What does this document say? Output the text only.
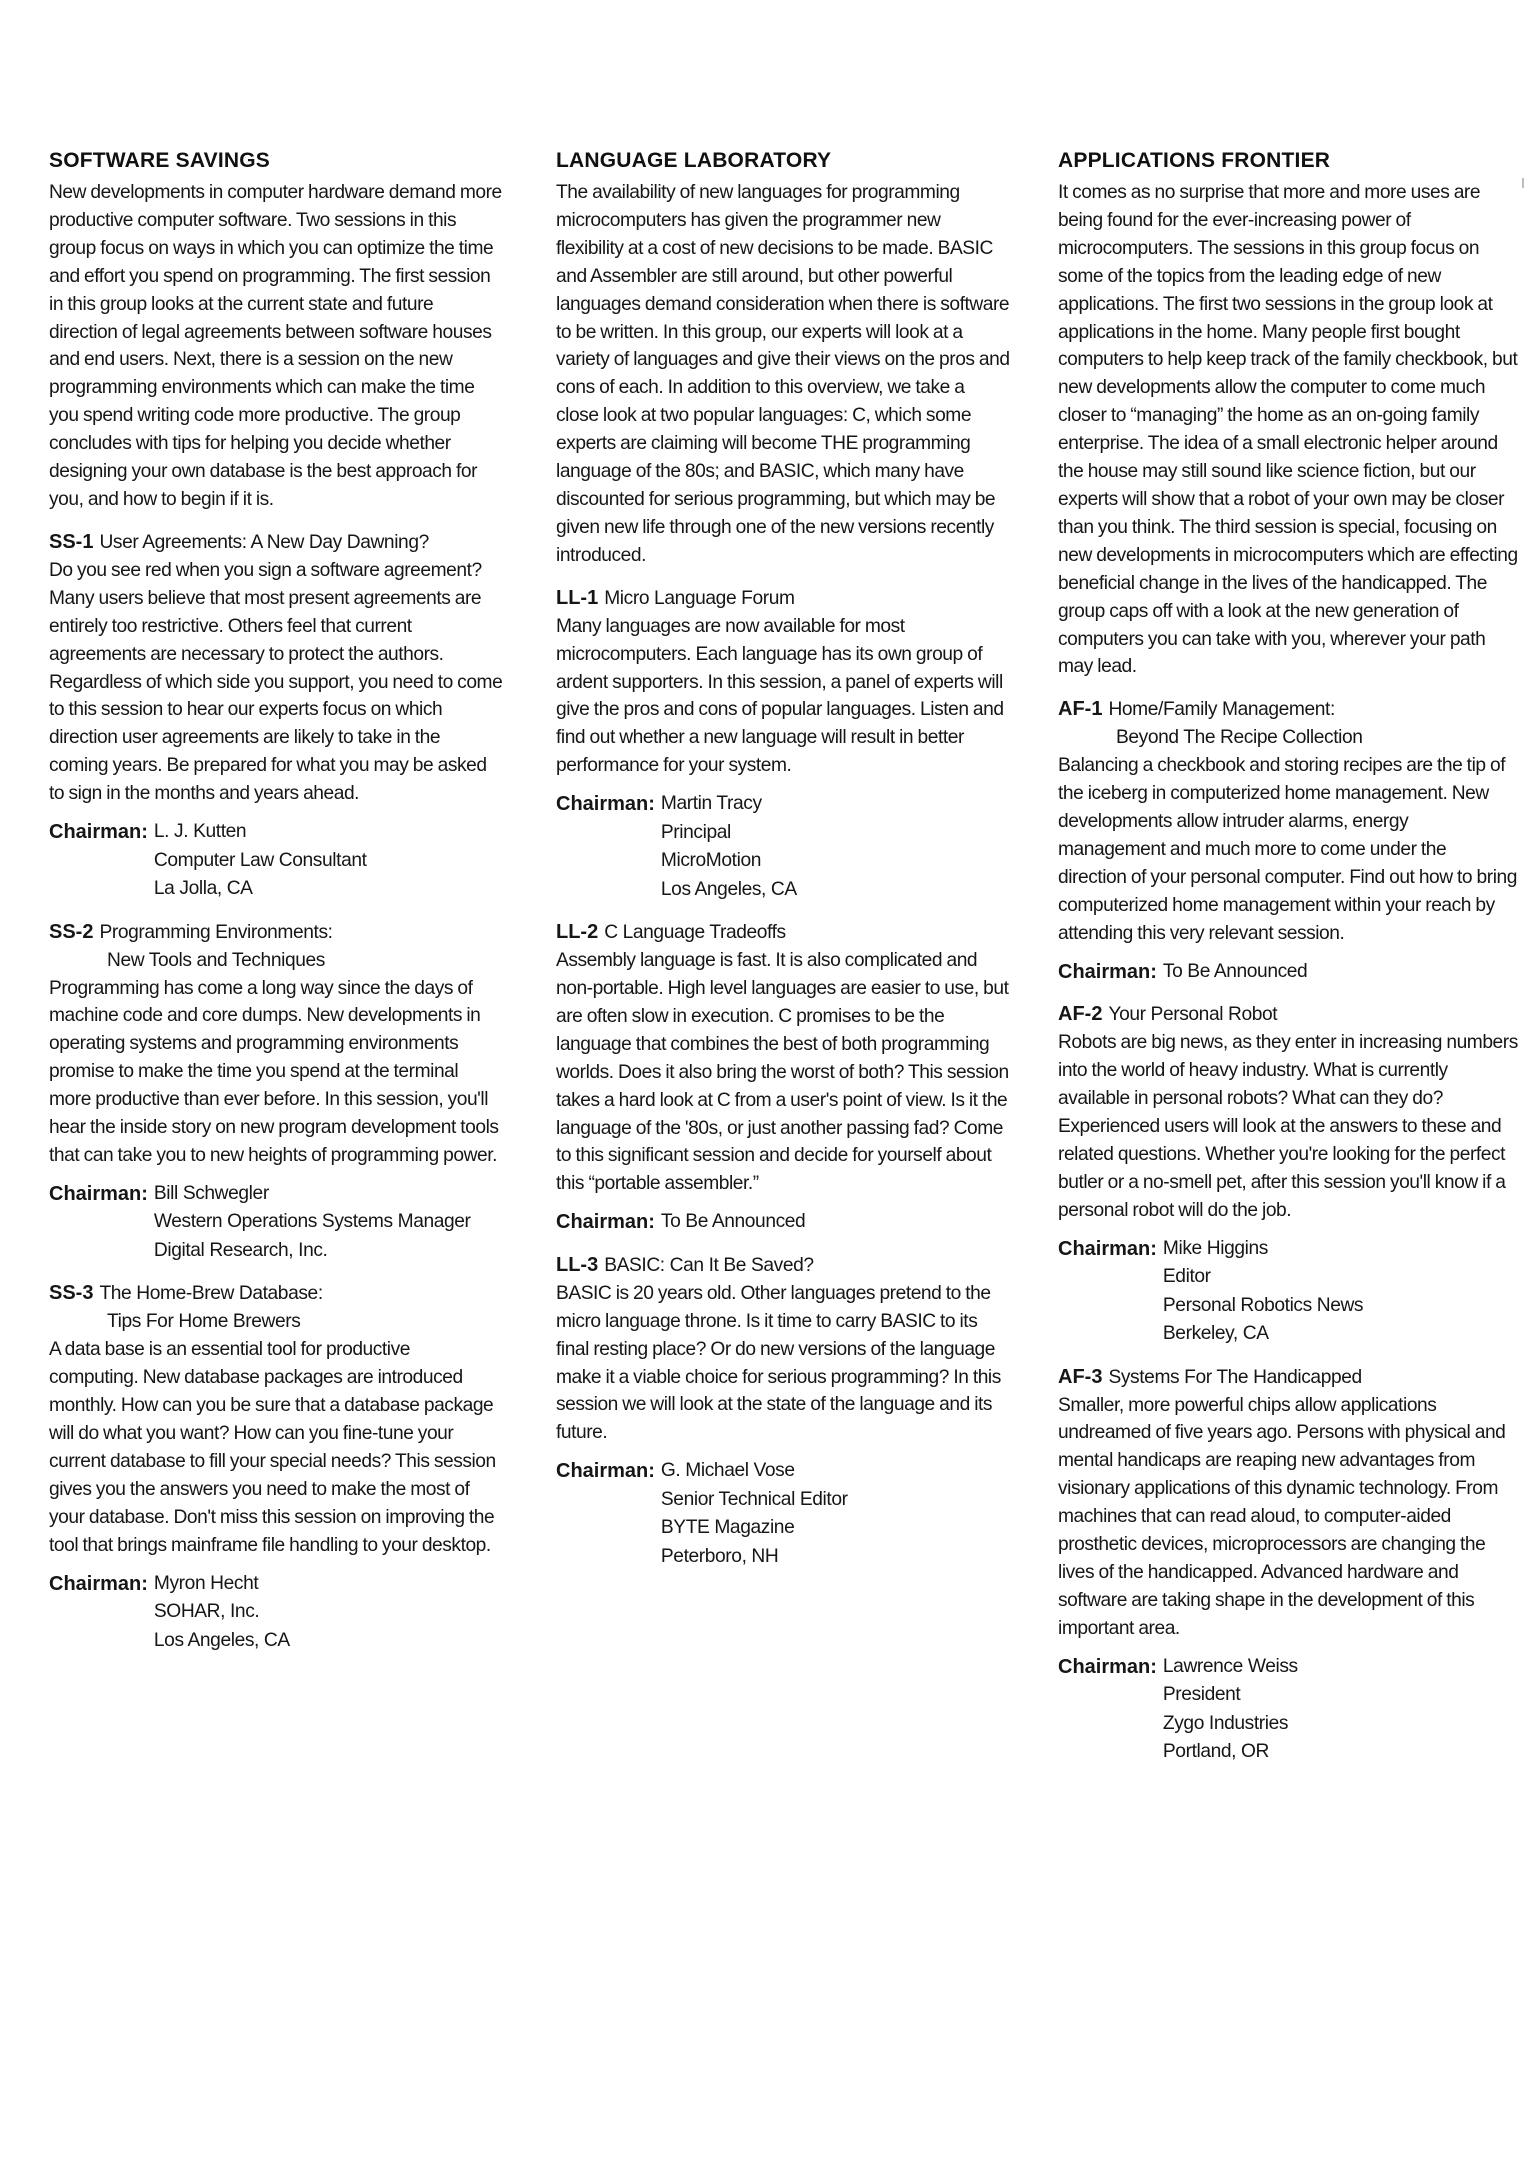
SOFTWARE SAVINGS

New developments in computer hardware demand more productive computer software. Two sessions in this group focus on ways in which you can optimize the time and effort you spend on programming. The first session in this group looks at the current state and future direction of legal agreements between software houses and end users. Next, there is a session on the new programming environments which can make the time you spend writing code more productive. The group concludes with tips for helping you decide whether designing your own database is the best approach for you, and how to begin if it is.

SS-1 User Agreements: A New Day Dawning?

Do you see red when you sign a software agreement? Many users believe that most present agreements are entirely too restrictive. Others feel that current agreements are necessary to protect the authors. Regardless of which side you support, you need to come to this session to hear our experts focus on which direction user agreements are likely to take in the coming years. Be prepared for what you may be asked to sign in the months and years ahead.

Chairman: L. J. Kutten
Computer Law Consultant
La Jolla, CA
SS-2 Programming Environments:
New Tools and Techniques

Programming has come a long way since the days of machine code and core dumps. New developments in operating systems and programming environments promise to make the time you spend at the terminal more productive than ever before. In this session, you'll hear the inside story on new program development tools that can take you to new heights of programming power.

Chairman: Bill Schwegler
Western Operations Systems Manager
Digital Research, Inc.
SS-3 The Home-Brew Database:
Tips For Home Brewers

A data base is an essential tool for productive computing. New database packages are introduced monthly. How can you be sure that a database package will do what you want? How can you fine-tune your current database to fill your special needs? This session gives you the answers you need to make the most of your database. Don't miss this session on improving the tool that brings mainframe file handling to your desktop.

Chairman: Myron Hecht
SOHAR, Inc.
Los Angeles, CA
LANGUAGE LABORATORY

The availability of new languages for programming microcomputers has given the programmer new flexibility at a cost of new decisions to be made. BASIC and Assembler are still around, but other powerful languages demand consideration when there is software to be written. In this group, our experts will look at a variety of languages and give their views on the pros and cons of each. In addition to this overview, we take a close look at two popular languages: C, which some experts are claiming will become THE programming language of the 80s; and BASIC, which many have discounted for serious programming, but which may be given new life through one of the new versions recently introduced.

LL-1 Micro Language Forum

Many languages are now available for most microcomputers. Each language has its own group of ardent supporters. In this session, a panel of experts will give the pros and cons of popular languages. Listen and find out whether a new language will result in better performance for your system.

Chairman: Martin Tracy
Principal
MicroMotion
Los Angeles, CA
LL-2 C Language Tradeoffs

Assembly language is fast. It is also complicated and non-portable. High level languages are easier to use, but are often slow in execution. C promises to be the language that combines the best of both programming worlds. Does it also bring the worst of both? This session takes a hard look at C from a user's point of view. Is it the language of the '80s, or just another passing fad? Come to this significant session and decide for yourself about this “portable assembler.”

Chairman: To Be Announced
LL-3 BASIC: Can It Be Saved?

BASIC is 20 years old. Other languages pretend to the micro language throne. Is it time to carry BASIC to its final resting place? Or do new versions of the language make it a viable choice for serious programming? In this session we will look at the state of the language and its future.

Chairman: G. Michael Vose
Senior Technical Editor
BYTE Magazine
Peterboro, NH
APPLICATIONS FRONTIER

It comes as no surprise that more and more uses are being found for the ever-increasing power of microcomputers. The sessions in this group focus on some of the topics from the leading edge of new applications. The first two sessions in the group look at applications in the home. Many people first bought computers to help keep track of the family checkbook, but new developments allow the computer to come much closer to “managing” the home as an on-going family enterprise. The idea of a small electronic helper around the house may still sound like science fiction, but our experts will show that a robot of your own may be closer than you think. The third session is special, focusing on new developments in microcomputers which are effecting beneficial change in the lives of the handicapped. The group caps off with a look at the new generation of computers you can take with you, wherever your path may lead.

AF-1 Home/Family Management:
Beyond The Recipe Collection

Balancing a checkbook and storing recipes are the tip of the iceberg in computerized home management. New developments allow intruder alarms, energy management and much more to come under the direction of your personal computer. Find out how to bring computerized home management within your reach by attending this very relevant session.

Chairman: To Be Announced
AF-2 Your Personal Robot

Robots are big news, as they enter in increasing numbers into the world of heavy industry. What is currently available in personal robots? What can they do? Experienced users will look at the answers to these and related questions. Whether you're looking for the perfect butler or a no-smell pet, after this session you'll know if a personal robot will do the job.

Chairman: Mike Higgins
Editor
Personal Robotics News
Berkeley, CA
AF-3 Systems For The Handicapped

Smaller, more powerful chips allow applications undreamed of five years ago. Persons with physical and mental handicaps are reaping new advantages from visionary applications of this dynamic technology. From machines that can read aloud, to computer-aided prosthetic devices, microprocessors are changing the lives of the handicapped. Advanced hardware and software are taking shape in the development of this important area.

Chairman: Lawrence Weiss
President
Zygo Industries
Portland, OR
